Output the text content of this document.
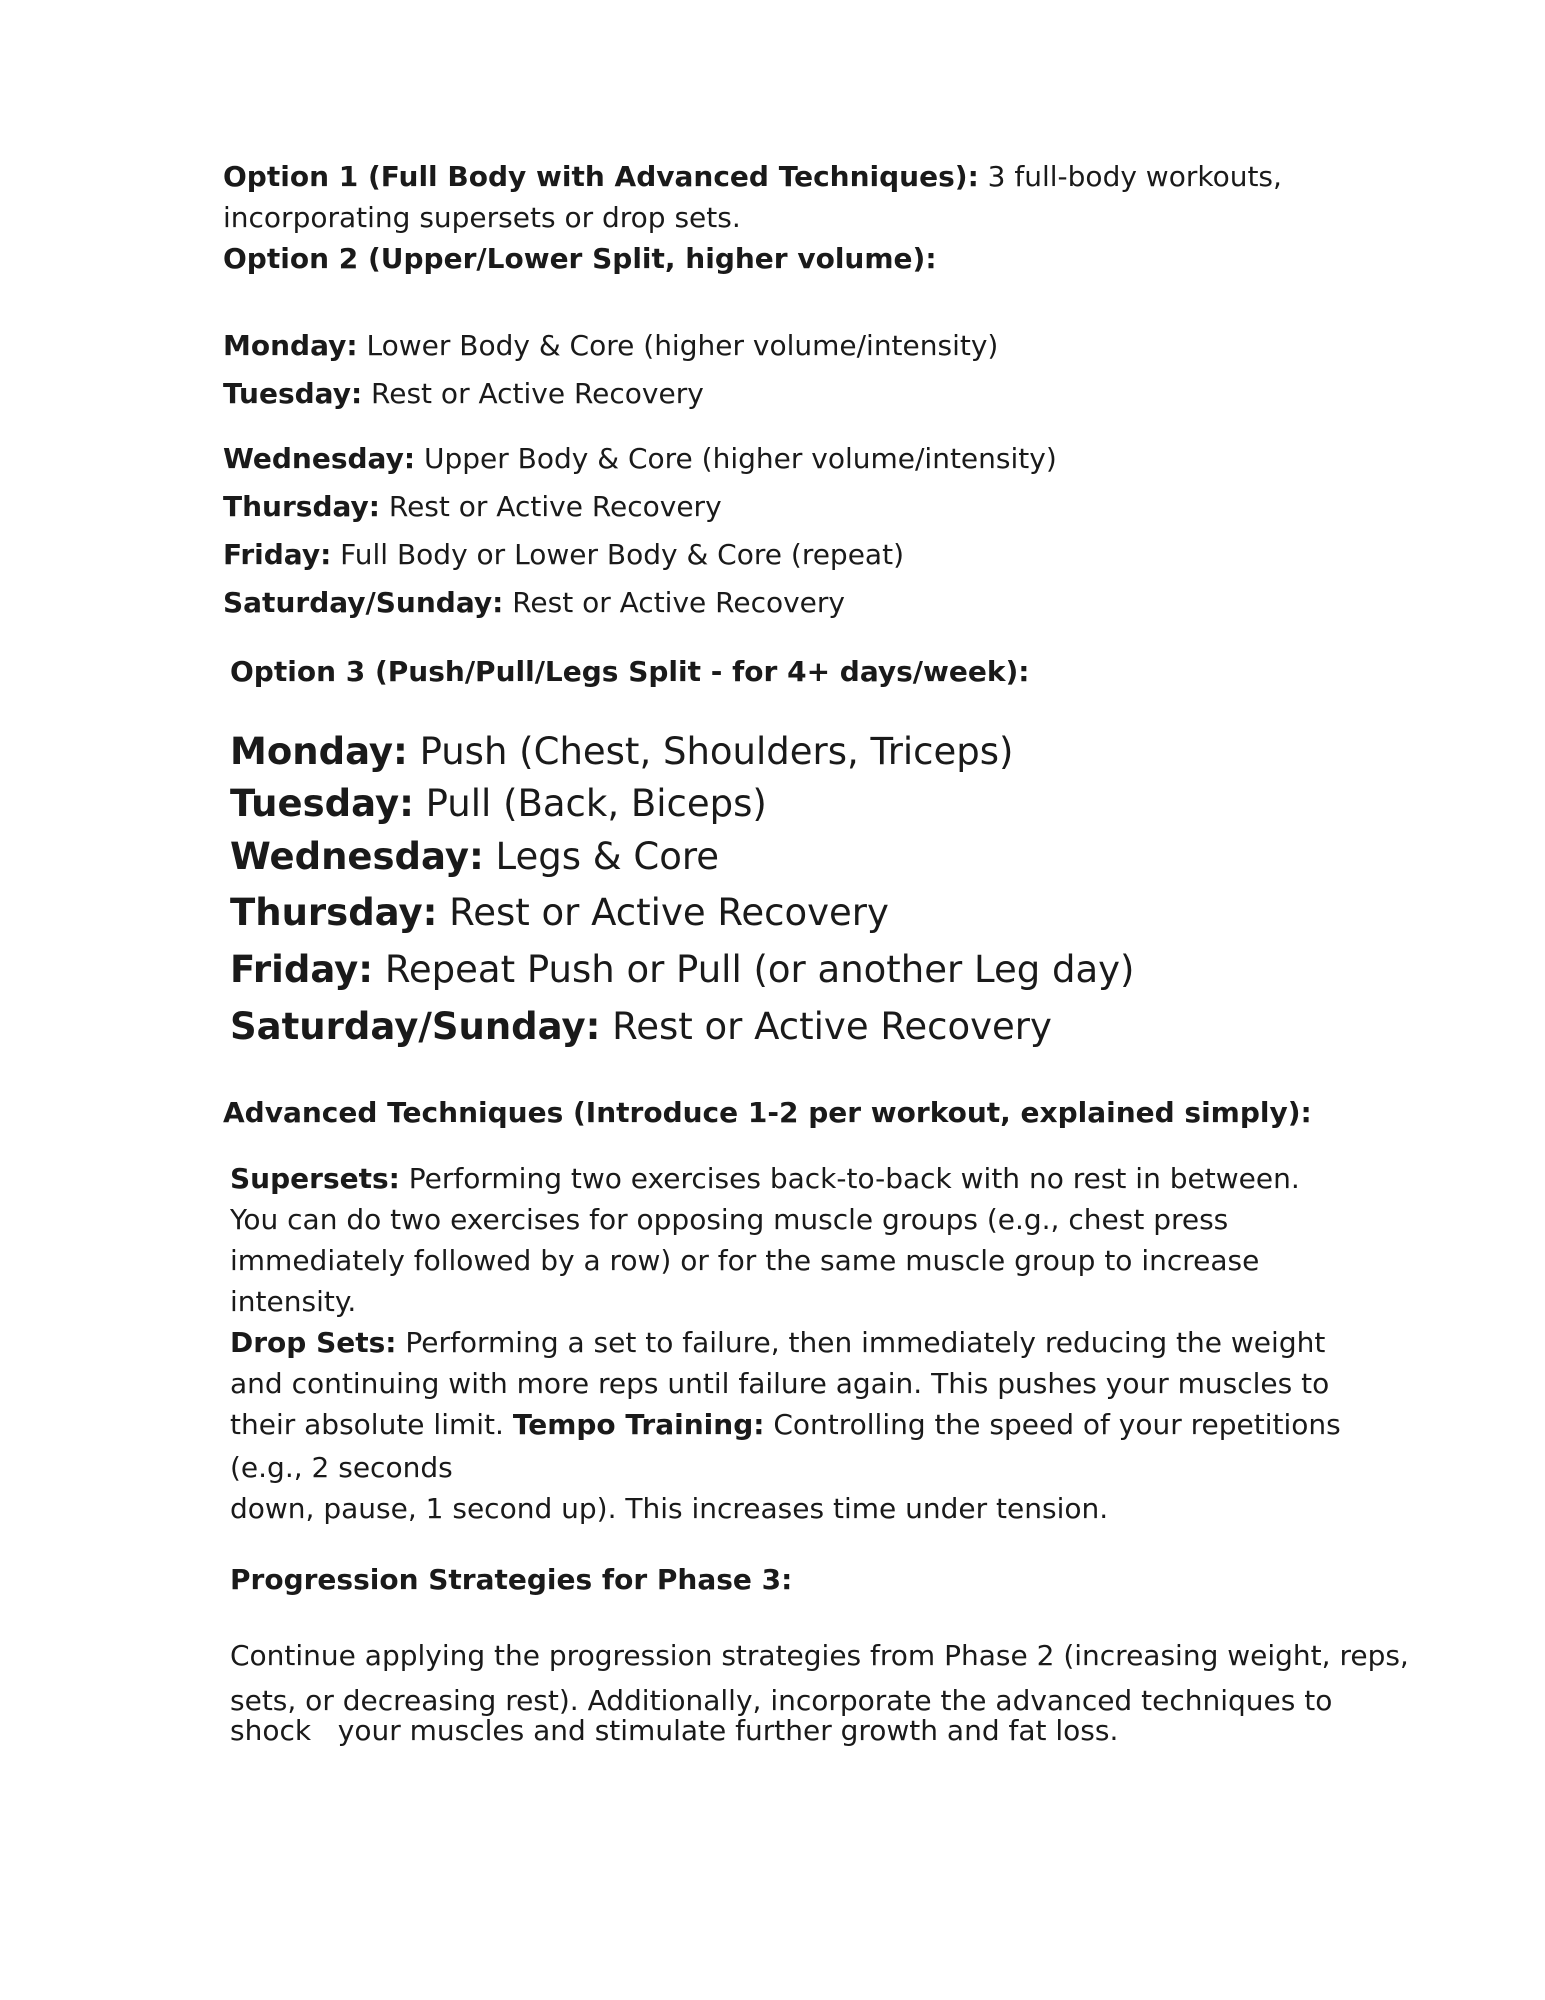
Option 1 (Full Body with Advanced Techniques): 3 full-body workouts,

incorporating supersets or drop sets.

Option 2 (Upper/Lower Split, higher volume):

Monday: Lower Body & Core (higher volume/intensity)

Tuesday: Rest or Active Recovery

Wednesday: Upper Body & Core (higher volume/intensity)

Thursday: Rest or Active Recovery

Friday: Full Body or Lower Body & Core (repeat)

Saturday/Sunday: Rest or Active Recovery

Option 3 (Push/Pull/Legs Split - for 4+ days/week):

Monday: Push (Chest, Shoulders, Triceps)

Tuesday: Pull (Back, Biceps)

Wednesday: Legs & Core

Thursday: Rest or Active Recovery

Friday: Repeat Push or Pull (or another Leg day)

Saturday/Sunday: Rest or Active Recovery

Advanced Techniques (Introduce 1-2 per workout, explained simply):

Supersets: Performing two exercises back-to-back with no rest in between.

You can do two exercises for opposing muscle groups (e.g., chest press

immediately followed by a row) or for the same muscle group to increase

intensity.

Drop Sets: Performing a set to failure, then immediately reducing the weight

and continuing with more reps until failure again. This pushes your muscles to

their absolute limit. Tempo Training: Controlling the speed of your repetitions

(e.g., 2 seconds

down, pause, 1 second up). This increases time under tension.

Progression Strategies for Phase 3:

Continue applying the progression strategies from Phase 2 (increasing weight, reps,

sets, or decreasing rest). Additionally, incorporate the advanced techniques to

shock   your muscles and stimulate further growth and fat loss.
